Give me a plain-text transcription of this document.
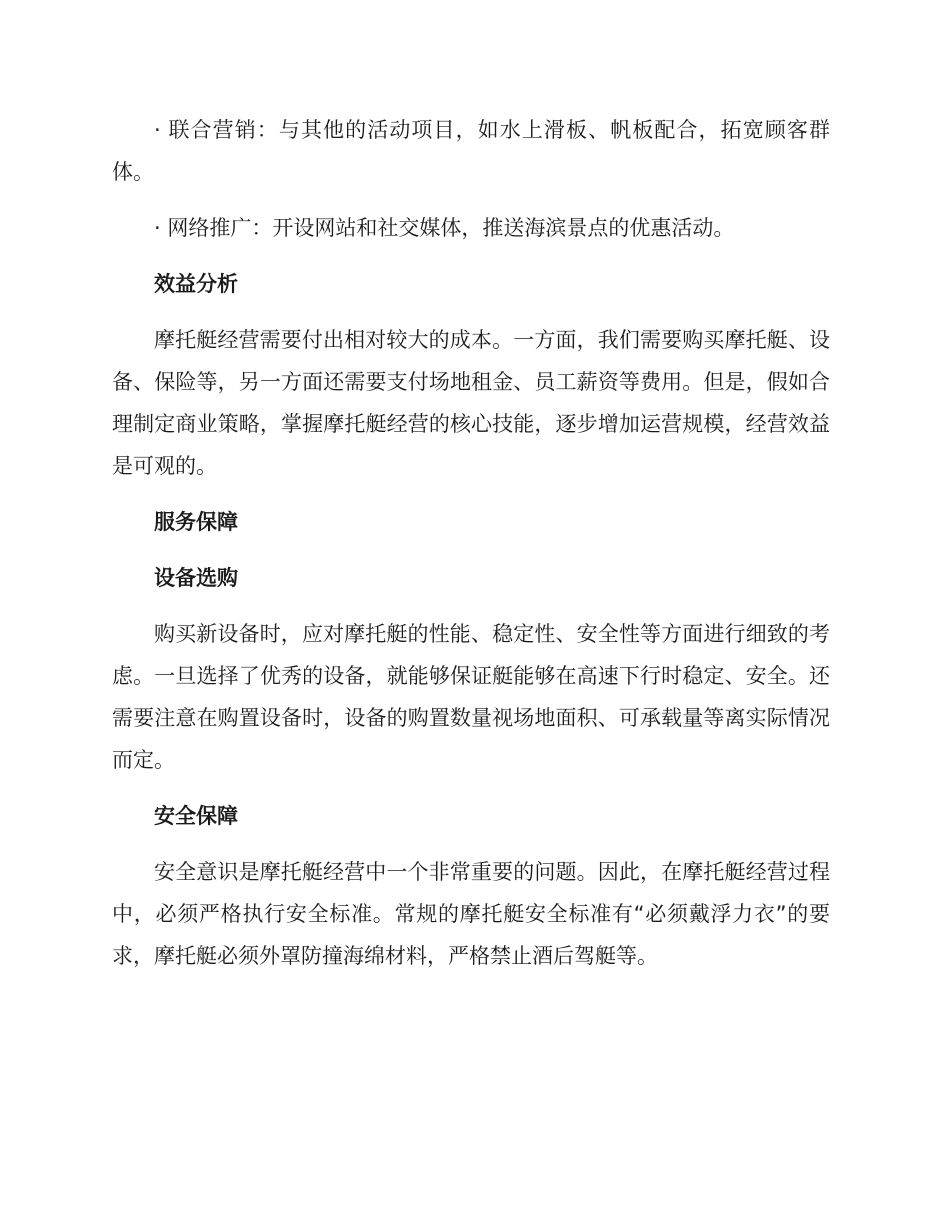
· 联合营销：与其他的活动项目，如水上滑板、帆板配合，拓宽顾客群体。

· 网络推广：开设网站和社交媒体，推送海滨景点的优惠活动。

效益分析

摩托艇经营需要付出相对较大的成本。一方面，我们需要购买摩托艇、设备、保险等，另一方面还需要支付场地租金、员工薪资等费用。但是，假如合理制定商业策略，掌握摩托艇经营的核心技能，逐步增加运营规模，经营效益是可观的。

服务保障

设备选购

购买新设备时，应对摩托艇的性能、稳定性、安全性等方面进行细致的考虑。一旦选择了优秀的设备，就能够保证艇能够在高速下行时稳定、安全。还需要注意在购置设备时，设备的购置数量视场地面积、可承载量等离实际情况而定。

安全保障

安全意识是摩托艇经营中一个非常重要的问题。因此，在摩托艇经营过程中，必须严格执行安全标准。常规的摩托艇安全标准有“必须戴浮力衣”的要求，摩托艇必须外罩防撞海绵材料，严格禁止酒后驾艇等。
